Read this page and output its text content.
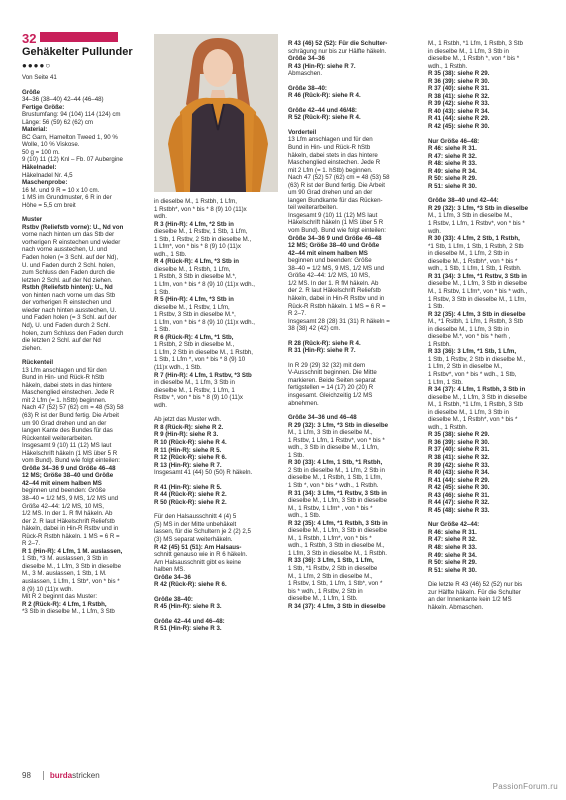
32
Gehäkelter Pullunder
●●●●○

Von Seite 41

Größe

34–36 (38–40) 42–44 (46–48)

Fertige Größe:

Brustumfang: 94 (104) 114 (124) cm

Länge: 56 (59) 62 (62) cm

Material:

BC Garn, Hamelton Tweed 1, 90 %

Wolle, 10 % Viskose.

50 g = 100 m.

9 (10) 11 (12) Knl – Fb. 07 Aubergine

Häkelnadel:

Häkelnadel Nr. 4,5

Maschenprobe:

16 M. und 9 R = 10 x 10 cm.

1 MS im Grundmuster, 6 R in der

Höhe = 5,5 cm breit

Muster

Rstbv (Reliefstb vorne): U., Nd von

vorne nach hinten um das Stb der

vorherigen R einstechen und wieder

nach vorne ausstechen, U. und

Faden holen (= 3 Schl. auf der Nd),

U. und Faden durch 2 Schl. holen,

zum Schluss den Faden durch die

letzten 2 Schl. auf der Nd ziehen.

Rstbh (Reliefstb hinten): U., Nd

von hinten nach vorne um das Stb

der vorherigen R einstechen und

wieder nach hinten ausstechen, U.

und Faden holen (= 3 Schl. auf der

Nd), U. und Faden durch 2 Schl.

holen, zum Schluss den Faden durch

die letzten 2 Schl. auf der Nd

ziehen.

Rückenteil

13 Lfm anschlagen und für den

Bund in Hin- und Rück-R hStb

häkeln, dabei stets in das hintere

Maschenglied einstechen. Jede R

mit 2 Lfm (= 1. hStb) beginnen.

Nach 47 (52) 57 (62) cm = 48 (53) 58

(63) R ist der Bund fertig. Die Arbeit

um 90 Grad drehen und an der

langen Kante des Bundes für das

Rückenteil weiterarbeiten.

Insgesamt 9 (10) 11 (12) MS laut

Häkelschrift häkeln (1 MS über 5 R

vom Bund). Bund wie folgt einteilen:

Größe 34–36 9 und Größe 46–48

12 MS; Größe 38–40 und Größe

42–44 mit einem halben MS

beginnen und beenden: Größe

38–40 = 1/2 MS, 9 MS, 1/2 MS und

Größe 42–44: 1/2 MS, 10 MS,

1/2 MS. In der 1. R fM häkeln. Ab

der 2. R laut Häkelschrift Reliefstb

häkeln, dabei in Hin-R Rstbv und in

Rück-R Rstbh häkeln. 1 MS = 6 R =

R 2–7.

R 1 (Hin-R): 4 Lfm, 1 M. auslassen,

1 Stb, *3 M. auslassen, 3 Stb in

dieselbe M., 1 Lfm, 3 Stb in dieselbe

M., 3 M. auslassen, 1 Stb, 1 M.

auslassen, 1 Lfm, 1 Stb*, von * bis *

8 (9) 10 (11)x wdh.

Mit R 2 beginnt das Muster:

R 2 (Rück-R): 4 Lfm, 1 Rstbh,

*3 Stb in dieselbe M., 1 Lfm, 3 Stb

in dieselbe M., 1 Rstbh, 1 Lfm,

1 Rstbh*, von * bis * 8 (9) 10 (11)x

wdh.

R 3 (Hin-R): 4 Lfm, *2 Stb in

dieselbe M., 1 Rstbv, 1 Stb, 1 Lfm,

1 Stb, 1 Rstbv, 2 Stb in dieselbe M.,

1 Lfm*, von * bis * 8 (9) 10 (11)x

wdh., 1 Stb.

R 4 (Rück-R): 4 Lfm, *3 Stb in

dieselbe M., 1 Rstbh, 1 Lfm,

1 Rstbh, 3 Stb in dieselbe M.*,

1 Lfm, von * bis * 8 (9) 10 (11)x wdh.,

1 Stb.

R 5 (Hin-R): 4 Lfm, *3 Stb in

dieselbe M., 1 Rstbv, 1 Lfm,

1 Rstbv, 3 Stb in dieselbe M.*,

1 Lfm, von * bis * 8 (9) 10 (11)x wdh.,

1 Stb.

R 6 (Rück-R): 4 Lfm, *1 Stb,

1 Rstbh, 2 Stb in dieselbe M.,

1 Lfm, 2 Stb in dieselbe M., 1 Rstbh,

1 Stb, 1 Lfm *, von * bis * 8 (9) 10

(11)x wdh., 1 Stb.

R 7 (Hin-R): 4 Lfm, 1 Rstbv, *3 Stb

in dieselbe M., 1 Lfm, 3 Stb in

dieselbe M., 1 Rstbv, 1 Lfm, 1

Rstbv *, von * bis * 8 (9) 10 (11)x

wdh.

Ab jetzt das Muster wdh.

R 8 (Rück-R): siehe R 2.

R 9 (Hin-R): siehe R 3.

R 10 (Rück-R): siehe R 4.

R 11 (Hin-R): siehe R 5.

R 12 (Rück-R): siehe R 6.

R 13 (Hin-R): siehe R 7.

Insgesamt 41 (44) 50 (50) R häkeln.

R 41 (Hin-R): siehe R 5.

R 44 (Rück-R): siehe R 2.

R 50 (Rück-R): siehe R 2.

Für den Halsausschnitt 4 (4) 5

(5) MS in der Mitte unbehäkelt

lassen, für die Schultern je 2 (2) 2,5

(3) MS separat weiterhäkeln.

R 42 (45) 51 (51): Am Halsaus-

schnitt genauso wie in R 6 häkeln.

Am Halsausschnitt gibt es keine

halben MS.

Größe 34–36

R 42 (Rück-R): siehe R 6.

Größe 38–40:

R 45 (Hin-R): siehe R 3.

Größe 42–44 und 46–48:

R 51 (Hin-R): siehe R 3.

R 43 (46) 52 (52): Für die Schulter-

schrägung nur bis zur Hälfte häkeln.

Größe 34–36

R 43 (Hin-R): siehe R 7.

Abmaschen.

Größe 38–40:

R 46 (Rück-R): siehe R 4.

Größe 42–44 und 46/48:

R 52 (Rück-R): siehe R 4.

Vorderteil

13 Lfm anschlagen und für den

Bund in Hin- und Rück-R hStb

häkeln, dabei stets in das hintere

Maschenglied einstechen. Jede R

mit 2 Lfm (= 1. hStb) beginnen.

Nach 47 (52) 57 (62) cm = 48 (53) 58

(63) R ist der Bund fertig. Die Arbeit

um 90 Grad drehen und an der

langen Bundkante für das Rücken-

teil weiterarbeiten.

Insgesamt 9 (10) 11 (12) MS laut

Häkelschrift häkeln (1 MS über 5 R

vom Bund). Bund wie folgt einteilen:

Größe 34–36 9 und Größe 46–48

12 MS; Größe 38–40 und Größe

42–44 mit einem halben MS

beginnen und beenden: Größe

38–40 = 1/2 MS, 9 MS, 1/2 MS und

Größe 42–44: 1/2 MS, 10 MS,

1/2 MS. In der 1. R fM häkeln. Ab

der 2. R laut Häkelschrift Reliefstb

häkeln, dabei in Hin-R Rstbv und in

Rück-R Rstbh häkeln. 1 MS = 6 R =

R 2–7.

Insgesamt 28 (28) 31 (31) R häkeln =

38 (38) 42 (42) cm.

R 28 (Rück-R): siehe R 4.

R 31 (Hin-R): siehe R 7.

In R 29 (29) 32 (32) mit dem

V-Ausschnitt beginnen. Die Mitte

markieren. Beide Seiten separat

fertigstellen = 14 (17) 20 (20) R

insgesamt. Gleichzeitig 1/2 MS

abnehmen.

Größe 34–36 und 46–48

R 29 (32): 3 Lfm, *3 Stb in dieselbe

M., 1 Lfm, 3 Stb in dieselbe M.,

1 Rstbv, 1 Lfm, 1 Rstbv*, von * bis *

wdh., 3 Stb in dieselbe M., 1 Lfm,

1 Stb.

R 30 (33): 4 Lfm, 1 Stb, *1 Rstbh,

2 Stb in dieselbe M., 1 Lfm, 2 Stb in

dieselbe M., 1 Rstbh, 1 Stb, 1 Lfm,

1 Stb *, von * bis * wdh., 1 Rstbh.

R 31 (34): 3 Lfm, *1 Rstbv, 3 Stb in

dieselbe M., 1 Lfm, 3 Stb in dieselbe

M., 1 Rstbv, 1 Lfm* , von * bis *

wdh., 1 Stb.

R 32 (35): 4 Lfm, *1 Rstbh, 3 Stb in

dieselbe M., 1 Lfm, 3 Stb in dieselbe

M., 1 Rstbh, 1 Lfm*, von * bis *

wdh., 1 Rstbh, 3 Stb in dieselbe M.,

1 Lfm, 3 Stb in dieselbe M., 1 Rstbh.

R 33 (36): 3 Lfm, 1 Stb, 1 Lfm,

1 Stb, *1 Rstbv, 2 Stb in dieselbe

M., 1 Lfm, 2 Stb in dieselbe M.,

1 Rstbv, 1 Stb, 1 Lfm, 1 Stb*, von *

bis * wdh., 1 Rstbv, 2 Stb in

dieselbe M., 1 Lfm, 1 Stb.

R 34 (37): 4 Lfm, 3 Stb in dieselbe

M., 1 Rstbh, *1 Lfm, 1 Rstbh, 3 Stb

in dieselbe M., 1 Lfm, 3 Stb in

dieselbe M., 1 Rstbh *, von * bis *

wdh., 1 Rstbh.

R 35 (38): siehe R 29.

R 36 (39): siehe R 30.

R 37 (40): siehe R 31.

R 38 (41): siehe R 32.

R 39 (42): siehe R 33.

R 40 (43): siehe R 34.

R 41 (44): siehe R 29.

R 42 (45): siehe R 30.

Nur Größe 46–48:

R 46: siehe R 31.

R 47: siehe R 32.

R 48: siehe R 33.

R 49: siehe R 34.

R 50: siehe R 29.

R 51: siehe R 30.

Größe 38–40 und 42–44:

R 29 (32): 3 Lfm, *3 Stb in dieselbe

M., 1 Lfm, 3 Stb in dieselbe M.,

1 Rstbv, 1 Lfm, 1 Rstbv*, von * bis *

wdh.

R 30 (33): 4 Lfm, 2 Stb, 1 Rstbh,

*1 Stb, 1 Lfm, 1 Stb, 1 Rstbh, 2 Stb

in dieselbe M., 1 Lfm, 2 Stb in

dieselbe M., 1 Rstbh*, von * bis *

wdh., 1 Stb, 1 Lfm, 1 Stb, 1 Rstbh.

R 31 (34): 3 Lfm, *1 Rstbv, 3 Stb in

dieselbe M., 1 Lfm, 3 Stb in dieselbe

M., 1 Rstbv, 1 Lfm*, von * bis * wdh.,

1 Rstbv, 3 Stb in dieselbe M., 1 Lfm,

1 Stb.

R 32 (35): 4 Lfm, 3 Stb in dieselbe

M., *1 Rstbh, 1 Lfm, 1 Rstbh, 3 Stb

in dieselbe M., 1 Lfm, 3 Stb in

dieselbe M.*, von * bis * herh ,

1 Rstbh.

R 33 (36): 3 Lfm, *1 Stb, 1 Lfm,

1 Stb, 1 Rstbv, 2 Stb in dieselbe M.,

1 Lfm, 2 Stb in dieselbe M.,

1 Rstbv*, von * bis * wdh., 1 Stb,

1 Lfm, 1 Stb.

R 34 (37): 4 Lfm, 1 Rstbh, 3 Stb in

dieselbe M., 1 Lfm, 3 Stb in dieselbe

M., 1 Rstbh, *1 Lfm, 1 Rstbh, 3 Stb

in dieselbe M., 1 Lfm, 3 Stb in

dieselbe M., 1 Rstbh*, von * bis *

wdh., 1 Rstbh.

R 35 (38): siehe R 29.

R 36 (39): siehe R 30.

R 37 (40): siehe R 31.

R 38 (41): siehe R 32.

R 39 (42): siehe R 33.

R 40 (43): siehe R 34.

R 41 (44): siehe R 29.

R 42 (45): siehe R 30.

R 43 (46): siehe R 31.

R 44 (47): siehe R 32.

R 45 (48): siehe R 33.

Nur Größe 42–44:

R 46: siehe R 31.

R 47: siehe R 32.

R 48: siehe R 33.

R 49: siehe R 34.

R 50: siehe R 29.

R 51: siehe R 30.

Die letzte R 43 (46) 52 (52) nur bis

zur Hälfte häkeln. Für die Schulter

an der Innenkante kein 1/2 MS

häkeln. Abmaschen.

98 burdastricken
PassionForum.ru
